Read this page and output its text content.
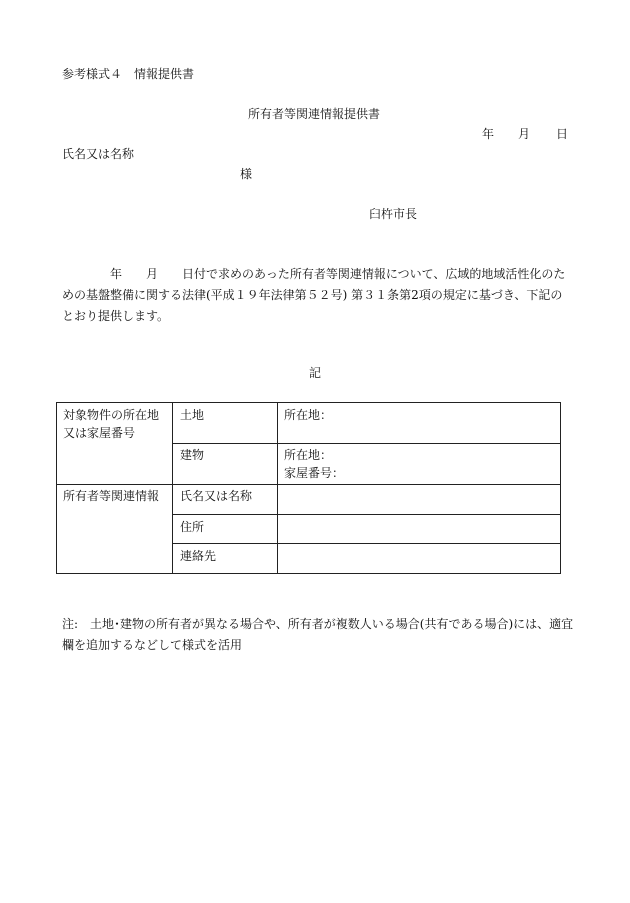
参考様式４　情報提供書
所有者等関連情報提供書
年 月 日
氏名又は名称
様
臼杵市長
　　　　年　　月　　日付で求めのあった所有者等関連情報について、広域的地域活性化のた
めの基盤整備に関する法律(平成１９年法律第５２号) 第３１条第2項の規定に基づき、下記の
とおり提供します。
記
対象物件の所在地
又は家屋番号
土地	所在地：
建物	所在地：
家屋番号：
所有者等関連情報 氏名又は名称
住所
連絡先
注:　土地･建物の所有者が異なる場合や、所有者が複数人いる場合(共有である場合)には、適宜
欄を追加するなどして様式を活用
